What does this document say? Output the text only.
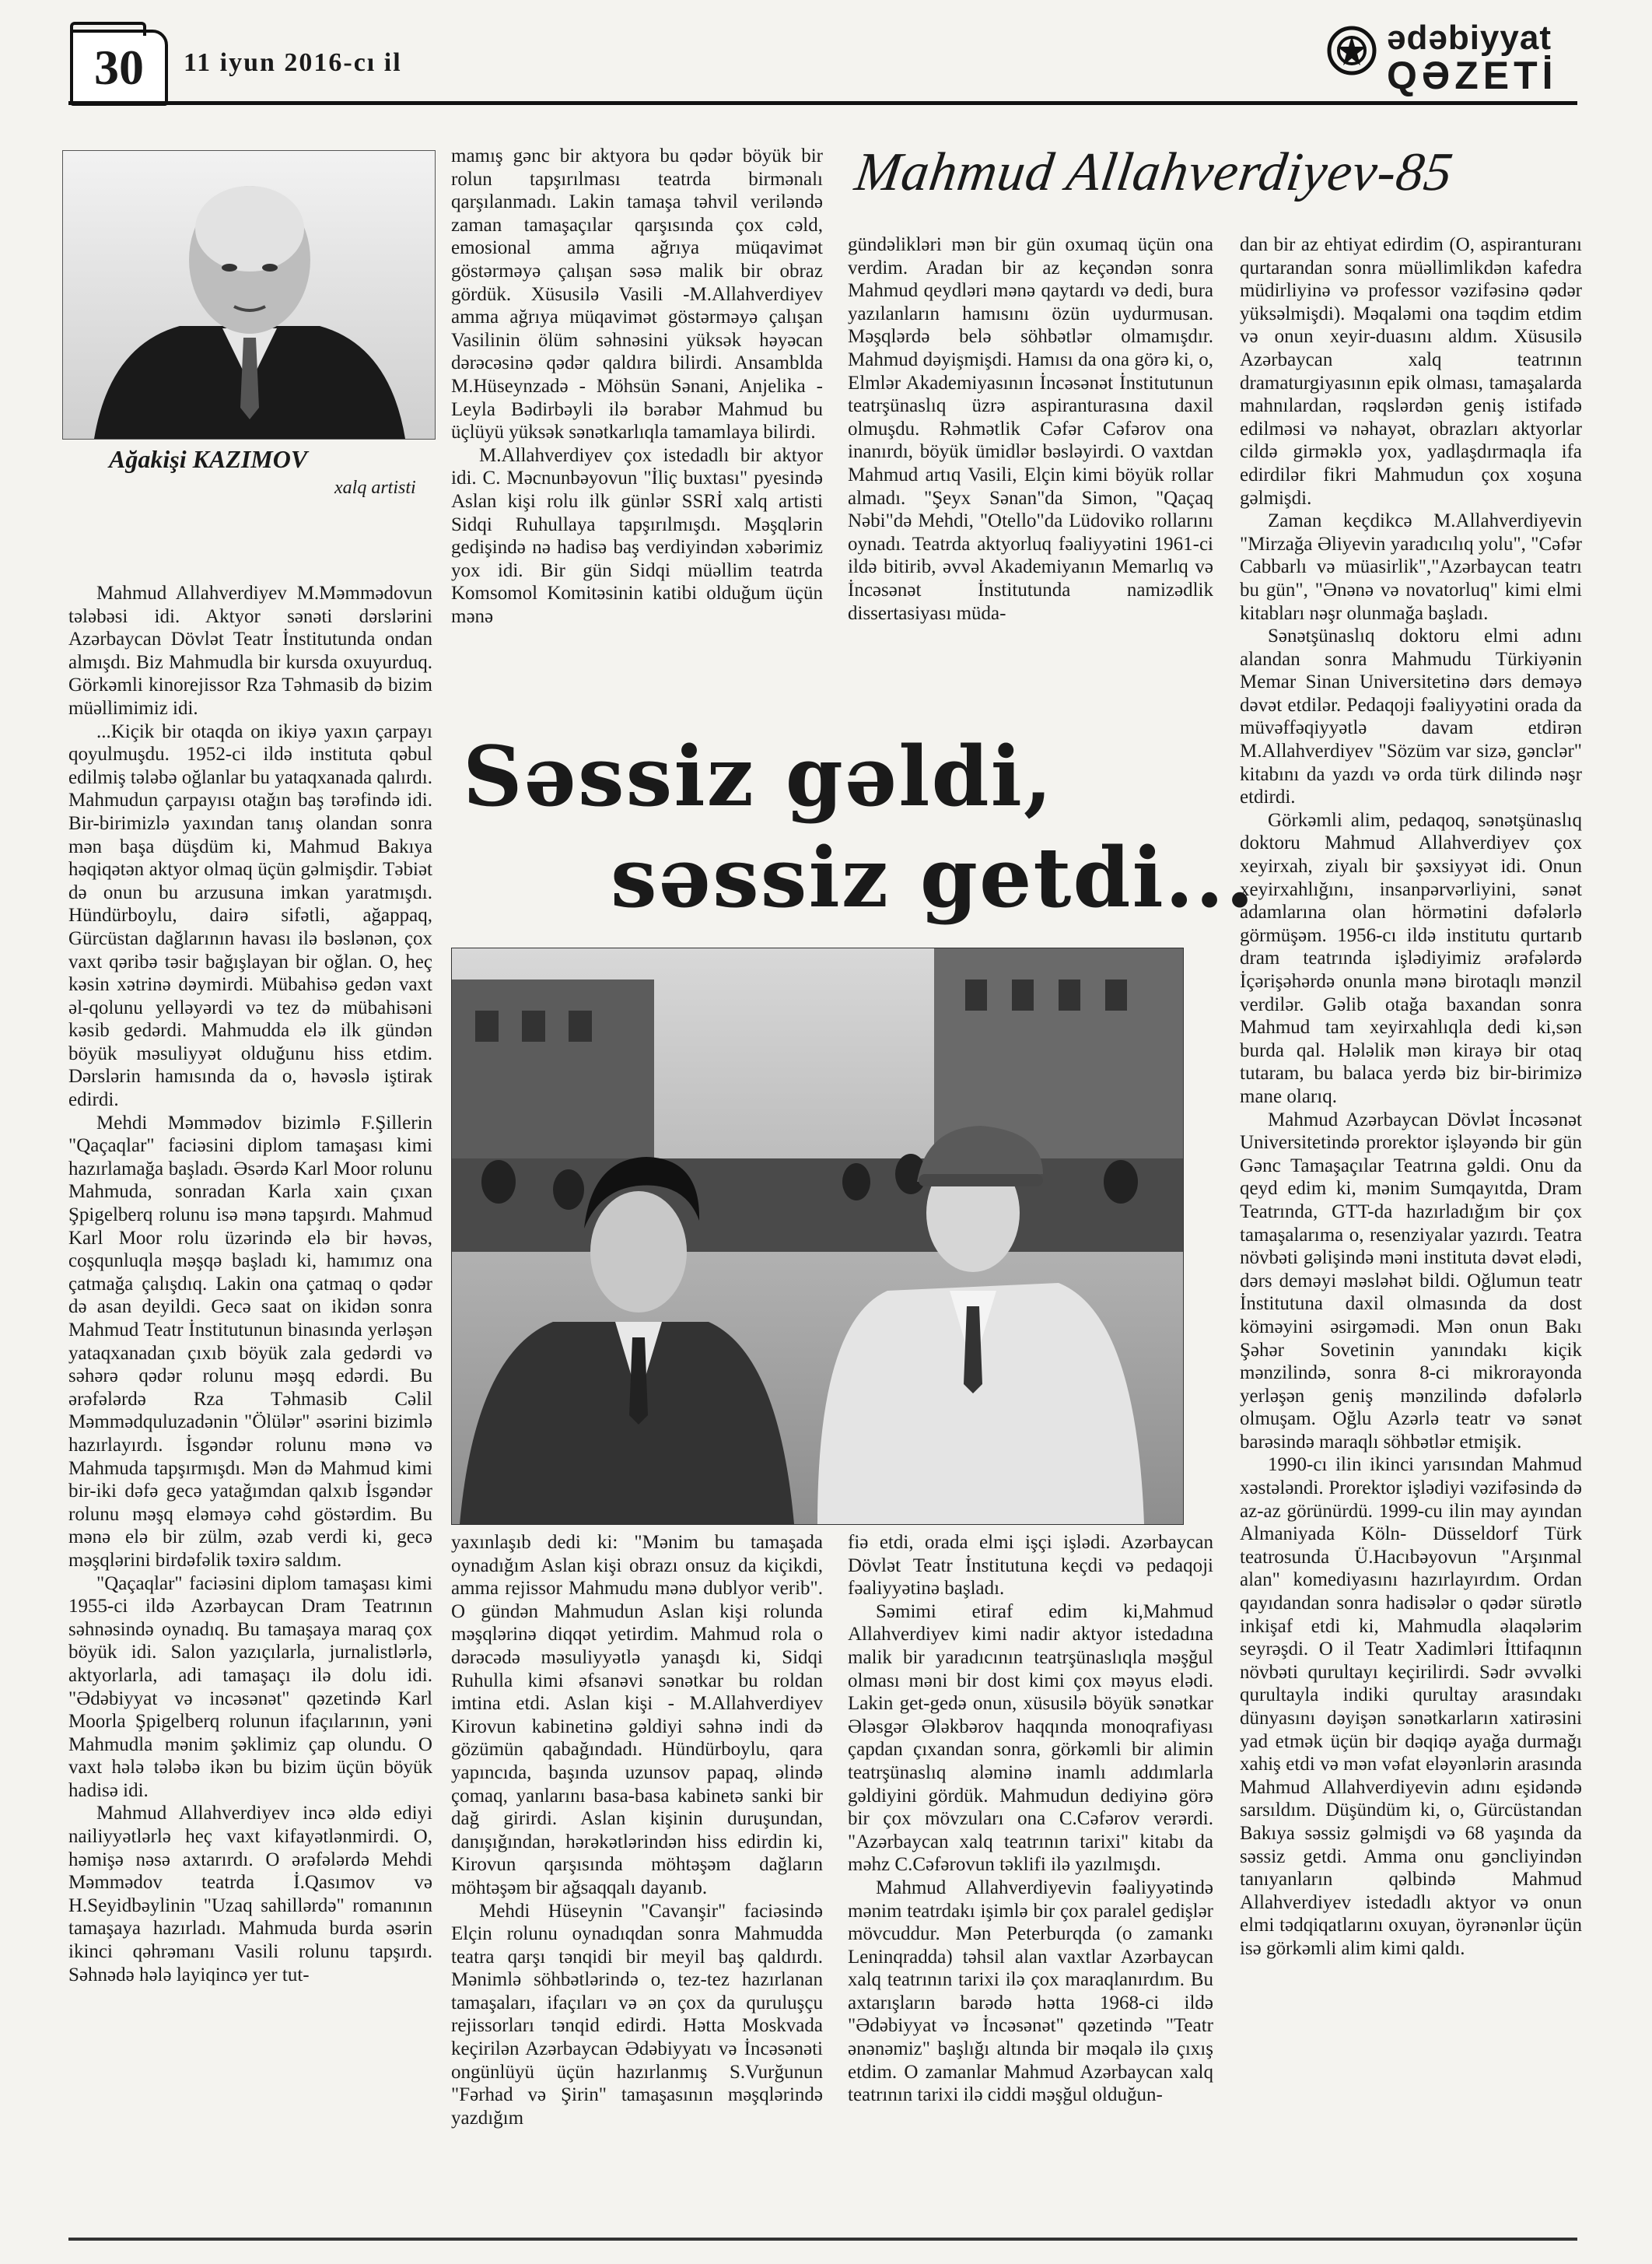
30 11 iyun 2016-cı il
ədəbiyyat
QƏZETİ
Ağakişi KAZIMOV
xalq artisti
Mahmud Allahverdiyev-85

Mahmud Allahverdiyev M.Məmmədovun tələbəsi idi. Aktyor sənəti dərslərini Azərbaycan Dövlət Teatr İnstitutunda ondan almışdı. Biz Mahmudla bir kursda oxuyurduq. Görkəmli kinorejissor Rza Təhmasib də bizim müəllimimiz idi.

...Kiçik bir otaqda on ikiyə yaxın çarpayı qoyulmuşdu. 1952-ci ildə instituta qəbul edilmiş tələbə oğlanlar bu yataqxanada qalırdı. Mahmudun çarpayısı otağın baş tərəfində idi. Bir-birimizlə yaxından tanış olandan sonra mən başa düşdüm ki, Mahmud Bakıya həqiqətən aktyor olmaq üçün gəlmişdir. Təbiət də onun bu arzusuna imkan yaratmışdı. Hündürboylu, dairə sifətli, ağappaq, Gürcüstan dağlarının havası ilə bəslənən, çox vaxt qəribə təsir bağışlayan bir oğlan. O, heç kəsin xətrinə dəymirdi. Mübahisə gedən vaxt əl-qolunu yelləyərdi və tez də mübahisəni kəsib gedərdi. Mahmudda elə ilk gündən böyük məsuliyyət olduğunu hiss etdim. Dərslərin hamısında da o, həvəslə iştirak edirdi.

Mehdi Məmmədov bizimlə F.Şillerin "Qaçaqlar" faciəsini diplom tamaşası kimi hazırlamağa başladı. Əsərdə Karl Moor rolunu Mahmuda, sonradan Karla xain çıxan Şpigelberq rolunu isə mənə tapşırdı. Mahmud Karl Moor rolu üzərində elə bir həvəs, coşqunluqla məşqə başladı ki, hamımız ona çatmağa çalışdıq. Lakin ona çatmaq o qədər də asan deyildi. Gecə saat on ikidən sonra Mahmud Teatr İnstitutunun binasında yerləşən yataqxanadan çıxıb böyük zala gedərdi və səhərə qədər rolunu məşq edərdi. Bu ərəfələrdə Rza Təhmasib Cəlil Məmmədquluzadənin "Ölülər" əsərini bizimlə hazırlayırdı. İsgəndər rolunu mənə və Mahmuda tapşırmışdı. Mən də Mahmud kimi bir-iki dəfə gecə yatağımdan qalxıb İsgəndər rolunu məşq eləməyə cəhd göstərdim. Bu mənə elə bir zülm, əzab verdi ki, gecə məşqlərini birdəfəlik təxirə saldım.

"Qaçaqlar" faciəsini diplom tamaşası kimi 1955-ci ildə Azərbaycan Dram Teatrının səhnəsində oynadıq. Bu tamaşaya maraq çox böyük idi. Salon yazıçılarla, jurnalistlərlə, aktyorlarla, adi tamaşaçı ilə dolu idi. "Ədəbiyyat və incəsənət" qəzetində Karl Moorla Şpigelberq rolunun ifaçılarının, yəni Mahmudla mənim şəklimiz çap olundu. O vaxt hələ tələbə ikən bu bizim üçün böyük hadisə idi.

Mahmud Allahverdiyev incə əldə ediyi nailiyyətlərlə heç vaxt kifayətlənmirdi. O, həmişə nəsə axtarırdı. O ərəfələrdə Mehdi Məmmədov teatrda İ.Qasımov və H.Seyidbəylinin "Uzaq sahillərdə" romanının tamaşaya hazırladı. Mahmuda burda əsərin ikinci qəhrəmanı Vasili rolunu tapşırdı. Səhnədə hələ layiqincə yer tut-

mamış gənc bir aktyora bu qədər böyük bir rolun tapşırılması teatrda birmənalı qarşılanmadı. Lakin tamaşa təhvil veriləndə zaman tamaşaçılar qarşısında çox cəld, emosional amma ağrıya müqavimət göstərməyə çalışan səsə malik bir obraz gördük. Xüsusilə Vasili -M.Allahverdiyev amma ağrıya müqavimət göstərməyə çalışan Vasilinin ölüm səhnəsini yüksək həyəcan dərəcəsinə qədər qaldıra bilirdi. Ansamblda M.Hüseynzadə - Möhsün Sənani, Anjelika - Leyla Bədirbəyli ilə bərabər Mahmud bu üçlüyü yüksək sənətkarlıqla tamamlaya bilirdi.

M.Allahverdiyev çox istedadlı bir aktyor idi. C. Məcnunbəyovun "İliç buxtası" pyesində Aslan kişi rolu ilk günlər SSRİ xalq artisti Sidqi Ruhullaya tapşırılmışdı. Məşqlərin gedişində nə hadisə baş verdiyindən xəbərimiz yox idi. Bir gün Sidqi müəllim teatrda Komsomol Komitəsinin katibi olduğum üçün mənə

gündəlikləri mən bir gün oxumaq üçün ona verdim. Aradan bir az keçəndən sonra Mahmud qeydləri mənə qaytardı və dedi, bura yazılanların hamısını özün uydurmusan. Məşqlərdə belə söhbətlər olmamışdır. Mahmud dəyişmişdi. Hamısı da ona görə ki, o, Elmlər Akademiyasının İncəsənət İnstitutunun teatrşünaslıq üzrə aspiranturasına daxil olmuşdu. Rəhmətlik Cəfər Cəfərov ona inanırdı, böyük ümidlər bəsləyirdi. O vaxtdan Mahmud artıq Vasili, Elçin kimi böyük rollar almadı. "Şeyx Sənan"da Simon, "Qaçaq Nəbi"də Mehdi, "Otello"da Lüdoviko rollarını oynadı. Teatrda aktyorluq fəaliyyətini 1961-ci ildə bitirib, əvvəl Akademiyanın Memarlıq və İncəsənət İnstitutunda namizədlik dissertasiyası müda-

dan bir az ehtiyat edirdim (O, aspiranturanı qurtarandan sonra müəllimlikdən kafedra müdirliyinə və professor vəzifəsinə qədər yüksəlmişdi). Məqaləmi ona təqdim etdim və onun xeyir-duasını aldım. Xüsusilə Azərbaycan xalq teatrının dramaturgiyasının epik olması, tamaşalarda mahnılardan, rəqslərdən geniş istifadə edilməsi və nəhayət, obrazları aktyorlar cildə girməklə yox, yadlaşdırmaqla ifa edirdilər fikri Mahmudun çox xoşuna gəlmişdi.

Zaman keçdikcə M.Allahverdiyevin "Mirzağa Əliyevin yaradıcılıq yolu", "Cəfər Cabbarlı və müasirlik","Azərbaycan teatrı bu gün", "Ənənə və novatorluq" kimi elmi kitabları nəşr olunmağa başladı.

Sənətşünaslıq doktoru elmi adını alandan sonra Mahmudu Türkiyənin Memar Sinan Universitetinə dərs deməyə dəvət etdilər. Pedaqoji fəaliyyətini orada da müvəffəqiyyətlə davam etdirən M.Allahverdiyev "Sözüm var sizə, gənclər" kitabını da yazdı və orda türk dilində nəşr etdirdi.

Görkəmli alim, pedaqoq, sənətşünaslıq doktoru Mahmud Allahverdiyev çox xeyirxah, ziyalı bir şəxsiyyət idi. Onun xeyirxahlığını, insanpərvərliyini, sənət adamlarına olan hörmətini dəfələrlə görmüşəm. 1956-cı ildə institutu qurtarıb dram teatrında işlədiyimiz ərəfələrdə İçərişəhərdə onunla mənə birotaqlı mənzil verdilər. Gəlib otağa baxandan sonra Mahmud tam xeyirxahlıqla dedi ki,sən burda qal. Hələlik mən kirayə bir otaq tutaram, bu balaca yerdə biz bir-birimizə mane olarıq.

Mahmud Azərbaycan Dövlət İncəsənət Universitetində prorektor işləyəndə bir gün Gənc Tamaşaçılar Teatrına gəldi. Onu da qeyd edim ki, mənim Sumqayıtda, Dram Teatrında, GTT-da hazırladığım bir çox tamaşalarıma o, resenziyalar yazırdı. Teatra növbəti gəlişində məni institutа dəvət elədi, dərs deməyi məsləhət bildi. Oğlumun teatr İnstitutuna daxil olmasında da dost köməyini əsirgəmədi. Mən onun Bakı Şəhər Sovetinin yanındakı kiçik mənzilində, sonra 8-ci mikrorayonda yerləşən geniş mənzilində dəfələrlə olmuşam. Oğlu Azərlə teatr və sənət barəsində maraqlı söhbətlər etmişik.

1990-cı ilin ikinci yarısından Mahmud xəstələndi. Prorektor işlədiyi vəzifəsində də az-az görünürdü. 1999-cu ilin may ayından Almaniyada Köln- Düsseldorf Türk teatrosunda Ü.Hacıbəyovun "Arşınmal alan" komediyasını hazırlayırdım. Ordan qayıdandan sonra hadisələr o qədər sürətlə inkişaf etdi ki, Mahmudla əlaqələrim seyrəşdi. O il Teatr Xadimləri İttifaqının növbəti qurultayı keçirilirdi. Sədr əvvəlki qurultayla indiki qurultay arasındakı dünyasını dəyişən sənətkarların xatirəsini yad etmək üçün bir dəqiqə ayağa durmağı xahiş etdi və mən vəfat eləyənlərin arasında Mahmud Allahverdiyevin adını eşidəndə sarsıldım. Düşündüm ki, o, Gürcüstandan Bakıya səssiz gəlmişdi və 68 yaşında da səssiz getdi. Amma onu gəncliyindən tanıyanların qəlbində Mahmud Allahverdiyev istedadlı aktyor və onun elmi tədqiqatlarını oxuyan, öyrənənlər üçün isə görkəmli alim kimi qaldı.

Səssiz gəldi,
səssiz getdi...

yaxınlaşıb dedi ki: "Mənim bu tamaşada oynadığım Aslan kişi obrazı onsuz da kiçikdi, amma rejissor Mahmudu mənə dublyor verib". O gündən Mahmudun Aslan kişi rolunda məşqlərinə diqqət yetirdim. Mahmud rola o dərəcədə məsuliyyətlə yanaşdı ki, Sidqi Ruhulla kimi əfsanəvi sənətkar bu roldan imtina etdi. Aslan kişi - M.Allahverdiyev Kirovun kabinetinə gəldiyi səhnə indi də gözümün qabağındadı. Hündürboylu, qara yapıncıda, başında uzunsov papaq, əlində çomaq, yanlarını basa-basa kabinetə sanki bir dağ girirdi. Aslan kişinin duruşundan, danışığından, hərəkətlərindən hiss edirdin ki, Kirovun qarşısında möhtəşəm dağların möhtəşəm bir ağsaqqalı dayanıb.

Mehdi Hüseynin "Cavanşir" faciəsində Elçin rolunu oynadıqdan sonra Mahmudda teatra qarşı tənqidi bir meyil baş qaldırdı. Mənimlə söhbətlərində o, tez-tez hazırlanan tamaşaları, ifaçıları və ən çox da quruluşçu rejissorları tənqid edirdi. Hətta Moskvada keçirilən Azərbaycan Ədəbiyyatı və İncəsənəti ongünlüyü üçün hazırlanmış S.Vurğunun "Fərhad və Şirin" tamaşasının məşqlərində yazdığım

fiə etdi, orada elmi işçi işlədi. Azərbaycan Dövlət Teatr İnstitutuna keçdi və pedaqoji fəaliyyətinə başladı.

Səmimi etiraf edim ki,Mahmud Allahverdiyev kimi nadir aktyor istedadına malik bir yaradıcının teatrşünaslıqla məşğul olması məni bir dost kimi çox məyus elədi. Lakin get-gedə onun, xüsusilə böyük sənətkar Ələsgər Ələkbərov haqqında monoqrafiyası çapdan çıxandan sonra, görkəmli bir alimin teatrşünaslıq aləminə inamlı addımlarla gəldiyini gördük. Mahmudun dediyinə görə bir çox mövzuları ona C.Cəfərov verərdi. "Azərbaycan xalq teatrının tarixi" kitabı da məhz C.Cəfərovun təklifi ilə yazılmışdı.

Mahmud Allahverdiyevin fəaliyyətində mənim teatrdakı işimlə bir çox paralel gedişlər mövcuddur. Mən Peterburqda (o zamankı Leninqradda) təhsil alan vaxtlar Azərbaycan xalq teatrının tarixi ilə çox maraqlanırdım. Bu axtarışların barədə hətta 1968-ci ildə "Ədəbiyyat və İncəsənət" qəzetində "Teatr ənənəmiz" başlığı altında bir məqalə ilə çıxış etdim. O zamanlar Mahmud Azərbaycan xalq teatrının tarixi ilə ciddi məşğul olduğun-
